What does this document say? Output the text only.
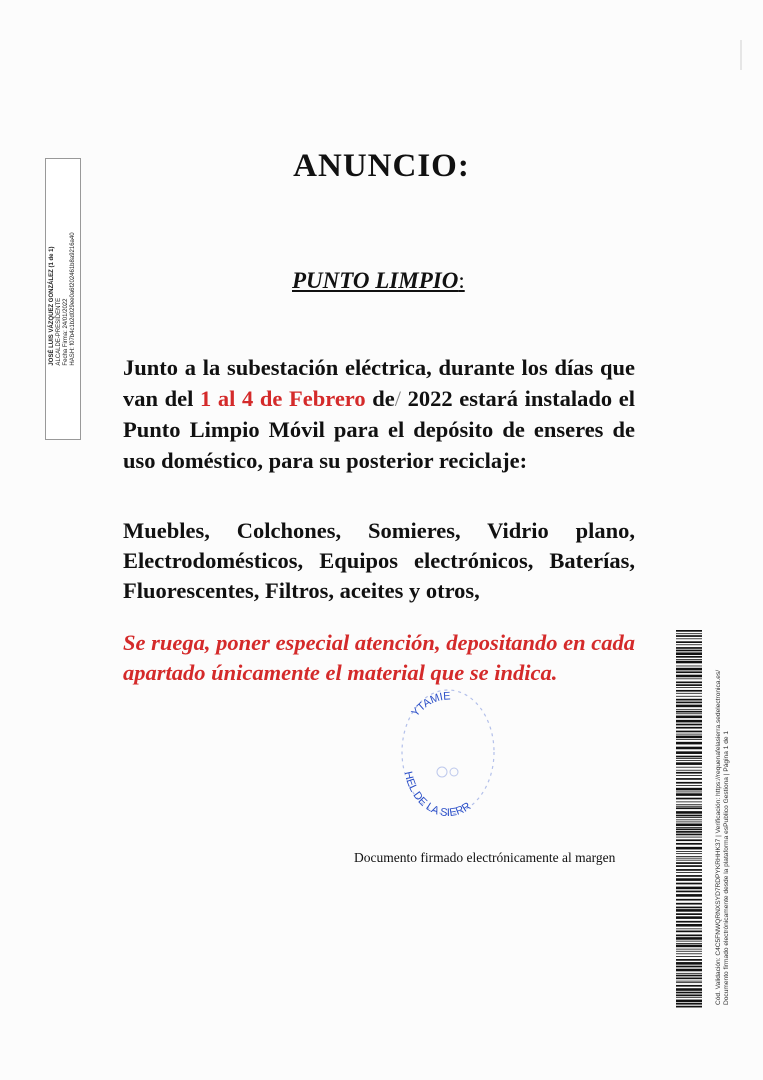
JOSÉ LUIS VÁZQUEZ GONZÁLEZ (1 de 1)
ALCALDE-PRESIDENTE
Fecha Firma: 24/01/2022
HASH: f07b4c1b2d029ee0a6f202461b8a9216a40
ANUNCIO:
PUNTO LIMPIO:
Junto a la subestación eléctrica, durante los días que van del 1 al 4 de Febrero de/ 2022 estará instalado el Punto Limpio Móvil para el depósito de enseres de uso doméstico, para su posterior reciclaje:
Muebles, Colchones, Somieres, Vidrio plano, Electrodomésticos, Equipos electrónicos, Baterías, Fluorescentes, Filtros, aceites y otros,
Se ruega, poner especial atención, depositando en cada apartado únicamente el material que se indica.
YTAMIE
HEL DE LA SIERR
Documento firmado electrónicamente al margen	Cód. Validación: C4C5FNWQRNXSYD7RDPYKRHHK37 | Verificación: https://requenafelasierra.sedelectronica.es/ Documento firmado electrónicamente desde la plataforma esPublico Gestiona | Página 1 de 1
